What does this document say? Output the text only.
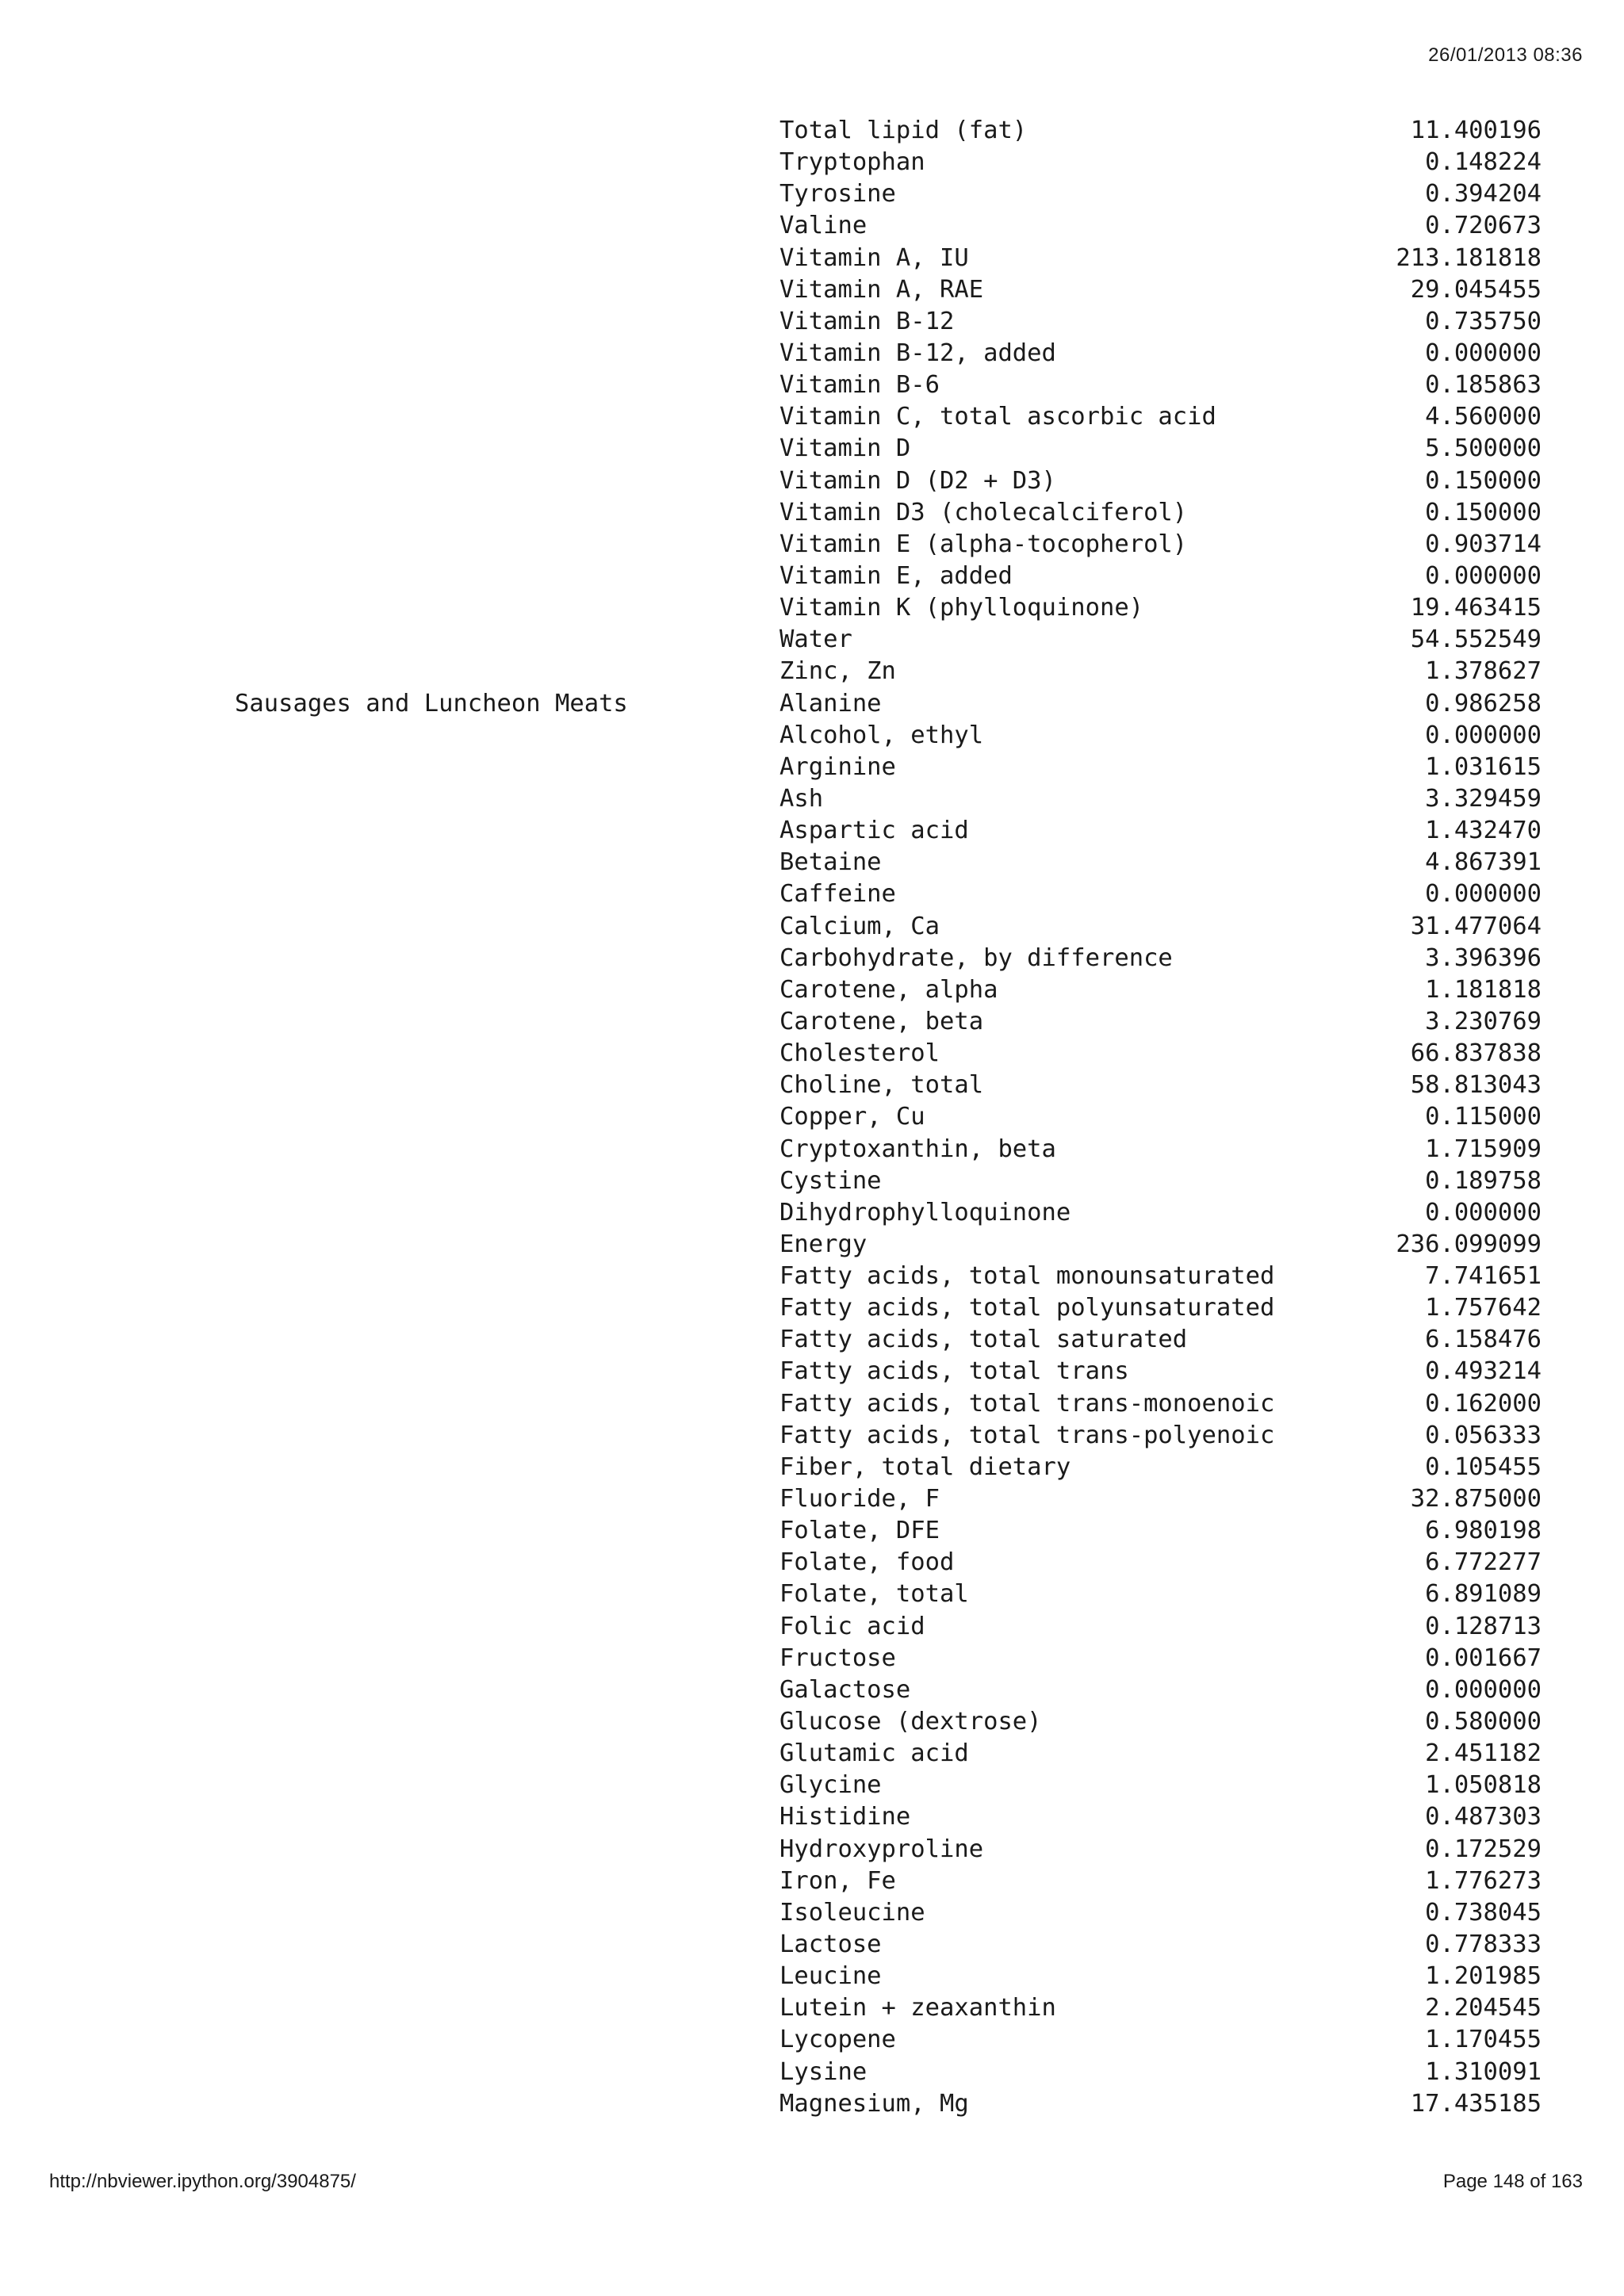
26/01/2013 08:36
Total lipid (fat)	11.400196
Tryptophan	0.148224
Tyrosine	0.394204
Valine	0.720673
Vitamin A, IU	213.181818
Vitamin A, RAE	29.045455
Vitamin B-12	0.735750
Vitamin B-12, added	0.000000
Vitamin B-6	0.185863
Vitamin C, total ascorbic acid	4.560000
Vitamin D	5.500000
Vitamin D (D2 + D3)	0.150000
Vitamin D3 (cholecalciferol)	0.150000
Vitamin E (alpha-tocopherol)	0.903714
Vitamin E, added	0.000000
Vitamin K (phylloquinone)	19.463415
Water	54.552549
Zinc, Zn	1.378627
Sausages and Luncheon Meats	Alanine	0.986258
Alcohol, ethyl	0.000000
Arginine	1.031615
Ash	3.329459
Aspartic acid	1.432470
Betaine	4.867391
Caffeine	0.000000
Calcium, Ca	31.477064
Carbohydrate, by difference	3.396396
Carotene, alpha	1.181818
Carotene, beta	3.230769
Cholesterol	66.837838
Choline, total	58.813043
Copper, Cu	0.115000
Cryptoxanthin, beta	1.715909
Cystine	0.189758
Dihydrophylloquinone	0.000000
Energy	236.099099
Fatty acids, total monounsaturated	7.741651
Fatty acids, total polyunsaturated	1.757642
Fatty acids, total saturated	6.158476
Fatty acids, total trans	0.493214
Fatty acids, total trans-monoenoic	0.162000
Fatty acids, total trans-polyenoic	0.056333
Fiber, total dietary	0.105455
Fluoride, F	32.875000
Folate, DFE	6.980198
Folate, food	6.772277
Folate, total	6.891089
Folic acid	0.128713
Fructose	0.001667
Galactose	0.000000
Glucose (dextrose)	0.580000
Glutamic acid	2.451182
Glycine	1.050818
Histidine	0.487303
Hydroxyproline	0.172529
Iron, Fe	1.776273
Isoleucine	0.738045
Lactose	0.778333
Leucine	1.201985
Lutein + zeaxanthin	2.204545
Lycopene	1.170455
Lysine	1.310091
Magnesium, Mg	17.435185
http://nbviewer.ipython.org/3904875/	Page 148 of 163
